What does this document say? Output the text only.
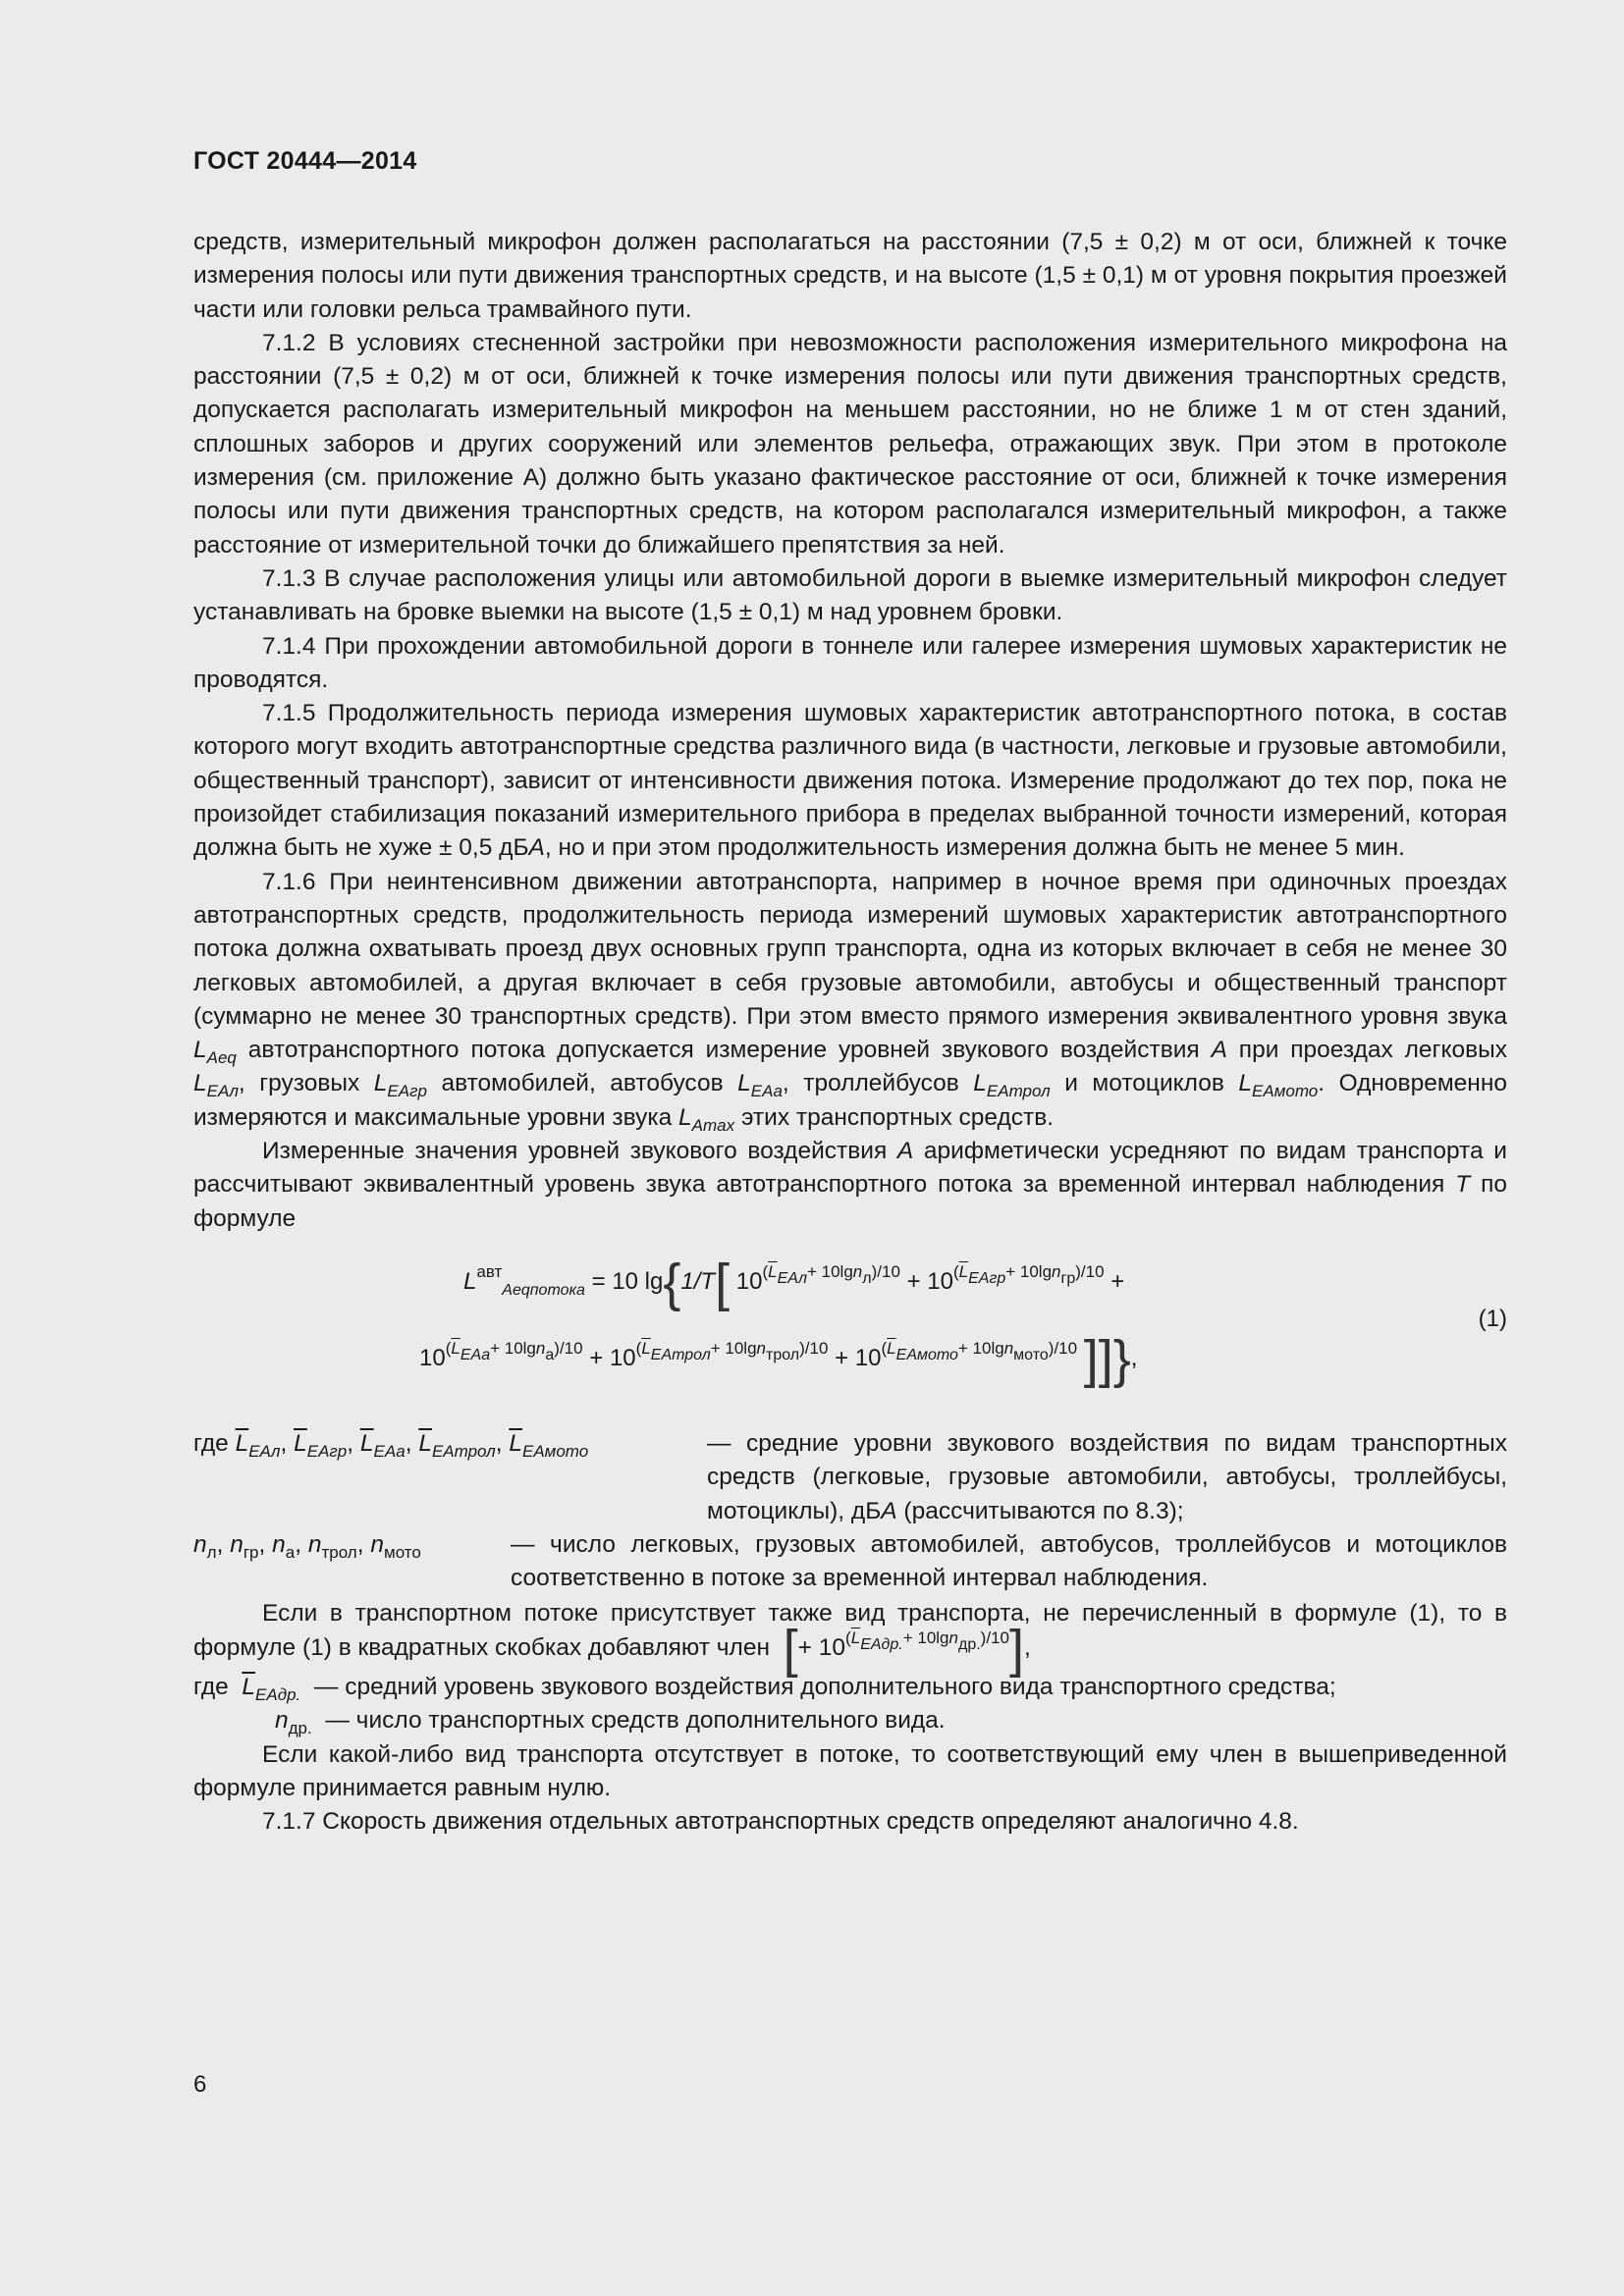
ГОСТ 20444—2014

средств, измерительный микрофон должен располагаться на расстоянии (7,5 ± 0,2) м от оси, ближней к точке измерения полосы или пути движения транспортных средств, и на высоте (1,5 ± 0,1) м от уровня покрытия проезжей части или головки рельса трамвайного пути.

7.1.2 В условиях стесненной застройки при невозможности расположения измерительного микрофона на расстоянии (7,5 ± 0,2) м от оси, ближней к точке измерения полосы или пути движения транспортных средств, допускается располагать измерительный микрофон на меньшем расстоянии, но не ближе 1 м от стен зданий, сплошных заборов и других сооружений или элементов рельефа, отражающих звук. При этом в протоколе измерения (см. приложение А) должно быть указано фактическое расстояние от оси, ближней к точке измерения полосы или пути движения транспортных средств, на котором располагался измерительный микрофон, а также расстояние от измерительной точки до ближайшего препятствия за ней.

7.1.3 В случае расположения улицы или автомобильной дороги в выемке измерительный микрофон следует устанавливать на бровке выемки на высоте (1,5 ± 0,1) м над уровнем бровки.

7.1.4 При прохождении автомобильной дороги в тоннеле или галерее измерения шумовых характеристик не проводятся.

7.1.5 Продолжительность периода измерения шумовых характеристик автотранспортного потока, в состав которого могут входить автотранспортные средства различного вида (в частности, легковые и грузовые автомобили, общественный транспорт), зависит от интенсивности движения потока. Измерение продолжают до тех пор, пока не произойдет стабилизация показаний измерительного прибора в пределах выбранной точности измерений, которая должна быть не хуже ± 0,5 дБА, но и при этом продолжительность измерения должна быть не менее 5 мин.

7.1.6 При неинтенсивном движении автотранспорта, например в ночное время при одиночных проездах автотранспортных средств, продолжительность периода измерений шумовых характеристик автотранспортного потока должна охватывать проезд двух основных групп транспорта, одна из которых включает в себя не менее 30 легковых автомобилей, а другая включает в себя грузовые автомобили, автобусы и общественный транспорт (суммарно не менее 30 транспортных средств). При этом вместо прямого измерения эквивалентного уровня звука $L_{Aeq}$ автотранспортного потока допускается измерение уровней звукового воздействия А при проездах легковых $L_{EAл}$, грузовых $L_{EAгр}$ автомобилей, автобусов $L_{EAa}$, троллейбусов $L_{EAтрол}$ и мотоциклов $L_{EAмото}$. Одновременно измеряются и максимальные уровни звука $L_{Amax}$ этих транспортных средств.

Измеренные значения уровней звукового воздействия А арифметически усредняют по видам транспорта и рассчитывают эквивалентный уровень звука автотранспортного потока за временной интервал наблюдения Т по формуле

$L^{авт}_{Aeqпотока} = 10$ lg{1/T[ $10^{(\overline{L}EAл+ 10lgnл)/10} + 10^{(\overline{L}EAгр+ 10lgnгр)/10}$ +
$10^{(\overline{L}EAa+ 10lgnа)/10} + 10^{(\overline{L}EAтрол+ 10lgnтрол)/10} + 10^{(\overline{L}EAмото+ 10lgnмото)/10}$ ]]},
(1)
где $\overline{L}_{EAл}$, $\overline{L}_{EAгр}$, $\overline{L}_{EAа}$, $\overline{L}_{EAтрол}$, $\overline{L}_{EAмото}$	— средние уровни звукового воздействия по видам транспортных средств (легковые, грузовые автомобили, автобусы, троллейбусы, мотоциклы), дБА (рассчитываются по 8.3);
$n_л$, $n_{гр}$, $n_а$, $n_{трол}$, $n_{мото}$	— число легковых, грузовых автомобилей, автобусов, троллейбусов и мотоциклов соответственно в потоке за временной интервал наблюдения.

Если в транспортном потоке присутствует также вид транспорта, не перечисленный в формуле (1), то в формуле (1) в квадратных скобках добавляют член [+ $10^{(\overline{L}EAдр.+ 10lgnдр.)/10}$],

где $\overline{L}_{EAдр.}$ — средний уровень звукового воздействия дополнительного вида транспортного средства;
$n_{др.}$ — число транспортных средств дополнительного вида.

Если какой-либо вид транспорта отсутствует в потоке, то соответствующий ему член в вышеприведенной формуле принимается равным нулю.

7.1.7 Скорость движения отдельных автотранспортных средств определяют аналогично 4.8.

6
